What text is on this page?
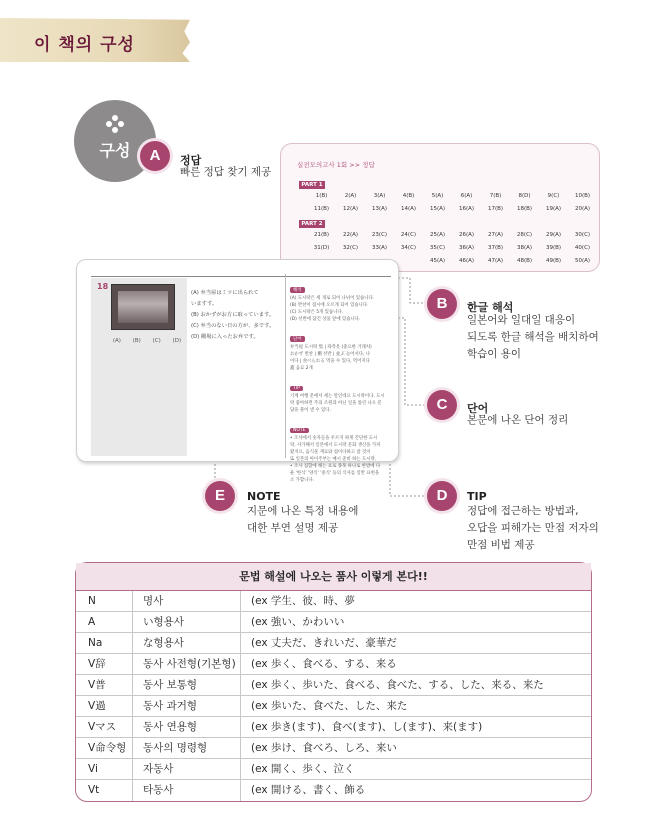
이 책의 구성
구성	A	정답
빠른 정답 찾기 제공
실전모의고사 1회 >> 정답
PART 1
1(B)	2(A)	3(A)	4(B)	5(A)	6(A)	7(B)	8(D)	9(C)	10(B)
11(B)	12(A)	13(A)	14(A)	15(A)	16(A)	17(B)	18(B)	19(A)	20(A)
PART 2
21(B)	22(A)	23(C)	24(C)	25(A)	26(A)	27(A)	28(C)	29(A)	30(C)
31(D)	32(C)	33(A)	34(C)	35(C)	36(A)	37(B)	38(A)	39(B)	40(C)
45(A)	46(A)	47(A)	48(B)	49(B)	50(A)
18
(A) (B) (C) (D)
(A) 弁当屋はミツに出られて
いますす。
(B) おかずがお方に取っています。
(C) 弁当のない日の方が、多です。
(D) 棚場に入ったお弁です。
해석
(A) 도시락은 세 개로 되어 나뉘어 있습니다.
(B) 반찬이 접시에 오르게 되어 있습니다.
(C) 도시락은 5개 있습니다.
(D) 선반에 담긴 상품 앞에 있습니다.
단어
弁当屋 도시락 集 | 좌측옷 (중요한 거래처)
おかず 반찬 | 棚 선반 | 並ぶ 늘어서다, 나
이다 | 食べられる 먹을 수 있다, 먹어지다
蓋 음료 2개
TIP
기계 여행 문에서 세는 말인데요 도시락이다. 도시
락 좋아하면 주의 조원과 아닌 일을 틀린 나오 문
답을 풀어 낼 수 있다.
NOTE
• 조사에서 숫자들을 우르지 하게 간단한 도시
락, 사가해서 일본에서 도시락 문화 생산을 가져
왔지요, 음식물 재료와 섭이다하고 참 것이
또 일본의 아이주부는 매시 준비 하는 도시락.
• 조사 집합에 해는 표로 종목 하나로 한밤에 다
운 '한식' '양식' '중식' 등의 식사를 일반 표현을
소 가합니다.
B	한글 해석
일본어와 일대일 대응이
되도록 한글 해석을 배치하여
학습이 용이
C	단어
본문에 나온 단어 정리
D	TIP
정답에 접근하는 방법과,
오답을 피해가는 만점 저자의
만점 비법 제공
E	NOTE
지문에 나온 특정 내용에
대한 부연 설명 제공
문법 해설에 나오는 품사 이렇게 본다!!
N	명사	(ex 学生、彼、時、夢
A	い형용사	(ex 強い、かわいい
Na	な형용사	(ex 丈夫だ、きれいだ、豪華だ
V辞	동사 사전형(기본형)	(ex 歩く、食べる、する、来る
V普	동사 보통형	(ex 歩く、歩いた、食べる、食べた、する、した、来る、来た
V過	동사 과거형	(ex 歩いた、食べた、した、来た
Vマス	동사 연용형	(ex 歩き(ます)、食べ(ます)、し(ます)、来(ます)
V命令형	동사의 명령형	(ex 歩け、食べろ、しろ、来い
Vi	자동사	(ex 開く、歩く、泣く
Vt	타동사	(ex 開ける、書く、飾る
